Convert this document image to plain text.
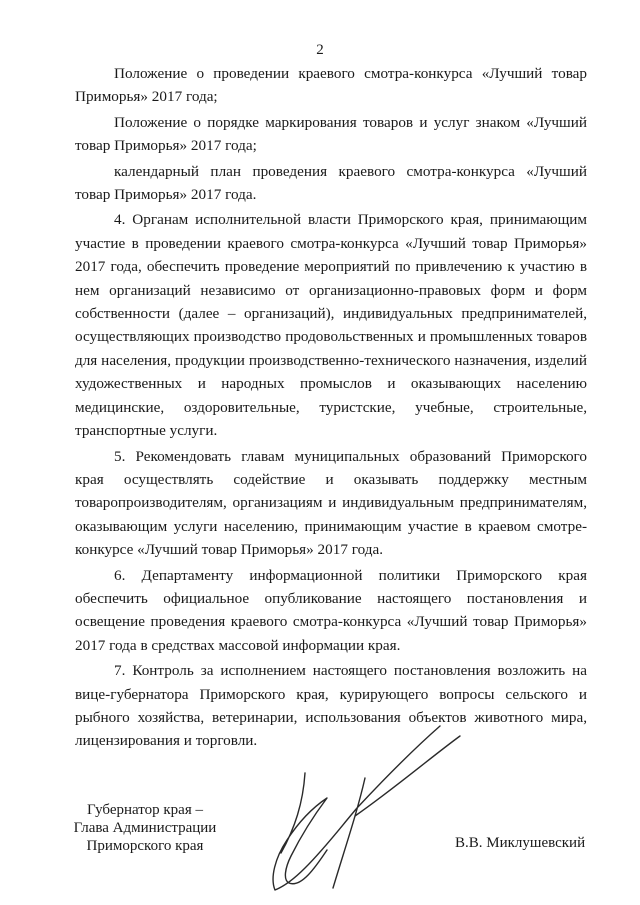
2

Положение о проведении краевого смотра-конкурса «Лучший товар Приморья» 2017 года;

Положение о порядке маркирования товаров и услуг знаком «Лучший товар Приморья» 2017 года;

календарный план проведения краевого смотра-конкурса «Лучший товар Приморья» 2017 года.

4. Органам исполнительной власти Приморского края, принимающим участие в проведении краевого смотра-конкурса «Лучший товар Приморья» 2017 года, обеспечить проведение мероприятий по привлечению к участию в нем организаций независимо от организационно-правовых форм и форм собственности (далее – организаций), индивидуальных предпринимателей, осуществляющих производство продовольственных и промышленных товаров для населения, продукции производственно-технического назначения, изделий художественных и народных промыслов и оказывающих населению медицинские, оздоровительные, туристские, учебные, строительные, транспортные услуги.

5. Рекомендовать главам муниципальных образований Приморского края осуществлять содействие и оказывать поддержку местным товаропроизводителям, организациям и индивидуальным предпринимателям, оказывающим услуги населению, принимающим участие в краевом смотре-конкурсе «Лучший товар Приморья» 2017 года.

6. Департаменту информационной политики Приморского края обеспечить официальное опубликование настоящего постановления и освещение проведения краевого смотра-конкурса «Лучший товар Приморья» 2017 года в средствах массовой информации края.

7. Контроль за исполнением настоящего постановления возложить на вице-губернатора Приморского края, курирующего вопросы сельского и рыбного хозяйства, ветеринарии, использования объектов животного мира, лицензирования и торговли.

Губернатор края –
Глава Администрации
Приморского края	В.В. Миклушевский
